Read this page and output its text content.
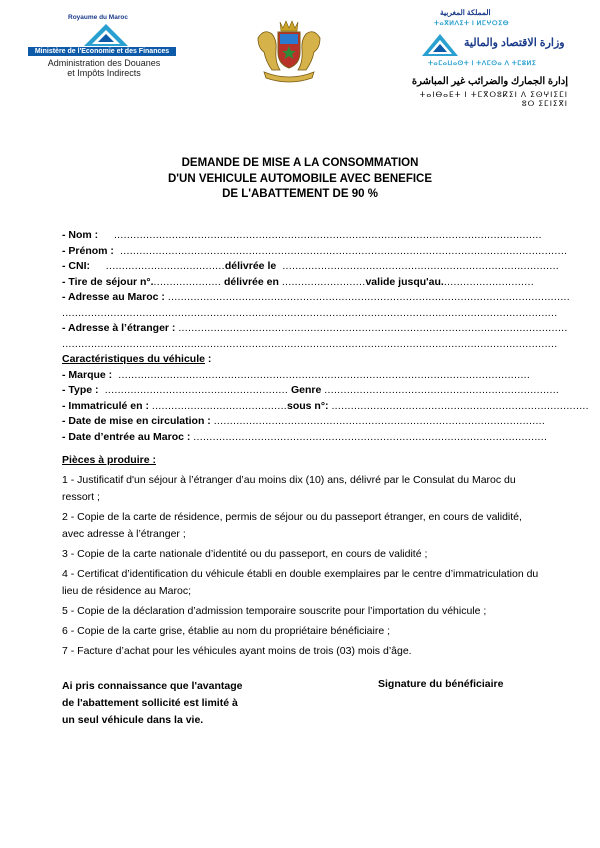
Royaume du Maroc
Ministère de l'Economie et des Finances
Administration des Douanes
et Impôts Indirects
المملكة المغربية
ⵜⴰⴳⵍⴷⵉⵜ ⵏ ⵍⵎⵖⵔⵉⴱ
وزارة الاقتصاد والمالية
ⵜⴰⵎⴰⵡⴰⵙⵜ ⵏ ⵜⴷⵎⵙⴰ ⴷ ⵜⵎⵓⵍⵉ
إدارة الجمارك والضرائب غير المباشرة
ⵜⴰⵏⴱⴰⴹⵜ ⵏ ⵜⵎⴳⵔⵓⴽⵉⵏ ⴷ ⵉⵙⵖⵏⵉⵎⵏ
ⵓⵔ ⵉⵎⵏⵉⴳⵏ
DEMANDE DE MISE A LA CONSOMMATION
D'UN VEHICULE AUTOMOBILE AVEC BENEFICE
DE L'ABATTEMENT DE 90 %
- Nom :     .....................................................................................................................................
- Prénom :  ...........................................................................................................................................
- CNI:     .....................................délivrée le  ......................................................................................
- Tire de séjour n°...................... délivrée en ..........................valide jusqu'au.............................
- Adresse au Maroc : .............................................................................................................................
..........................................................................................................................................................
- Adresse à l’étranger : .........................................................................................................................
..........................................................................................................................................................
Caractéristiques du véhicule :
- Marque :  ................................................................................................................................
- Type :  ......................................................... Genre .........................................................................
- Immatriculé en : ..........................................sous n°: ................................................................................
- Date de mise en circulation : .......................................................................................................
- Date d’entrée au Maroc : ..............................................................................................................
Pièces à produire :

1 - Justificatif d'un séjour à l’étranger d’au moins dix (10) ans, délivré par le Consulat du Maroc du ressort ;

2 - Copie de la carte de résidence, permis de séjour ou du passeport étranger, en cours de validité, avec adresse à l’étranger ;

3 - Copie de la carte nationale d’identité ou du passeport, en cours de validité ;

4 - Certificat d’identification du véhicule établi en double exemplaires par le centre d’immatriculation du lieu de résidence au Maroc;

5 - Copie de la déclaration d’admission temporaire souscrite pour l’importation du véhicule ;

6 - Copie de la carte grise, établie au nom du propriétaire bénéficiaire ;

7 - Facture d’achat pour les véhicules ayant moins de trois (03) mois d’âge.

Ai pris connaissance que l'avantage
de l'abattement sollicité est limité à
un seul véhicule dans la vie.
Signature du bénéficiaire
